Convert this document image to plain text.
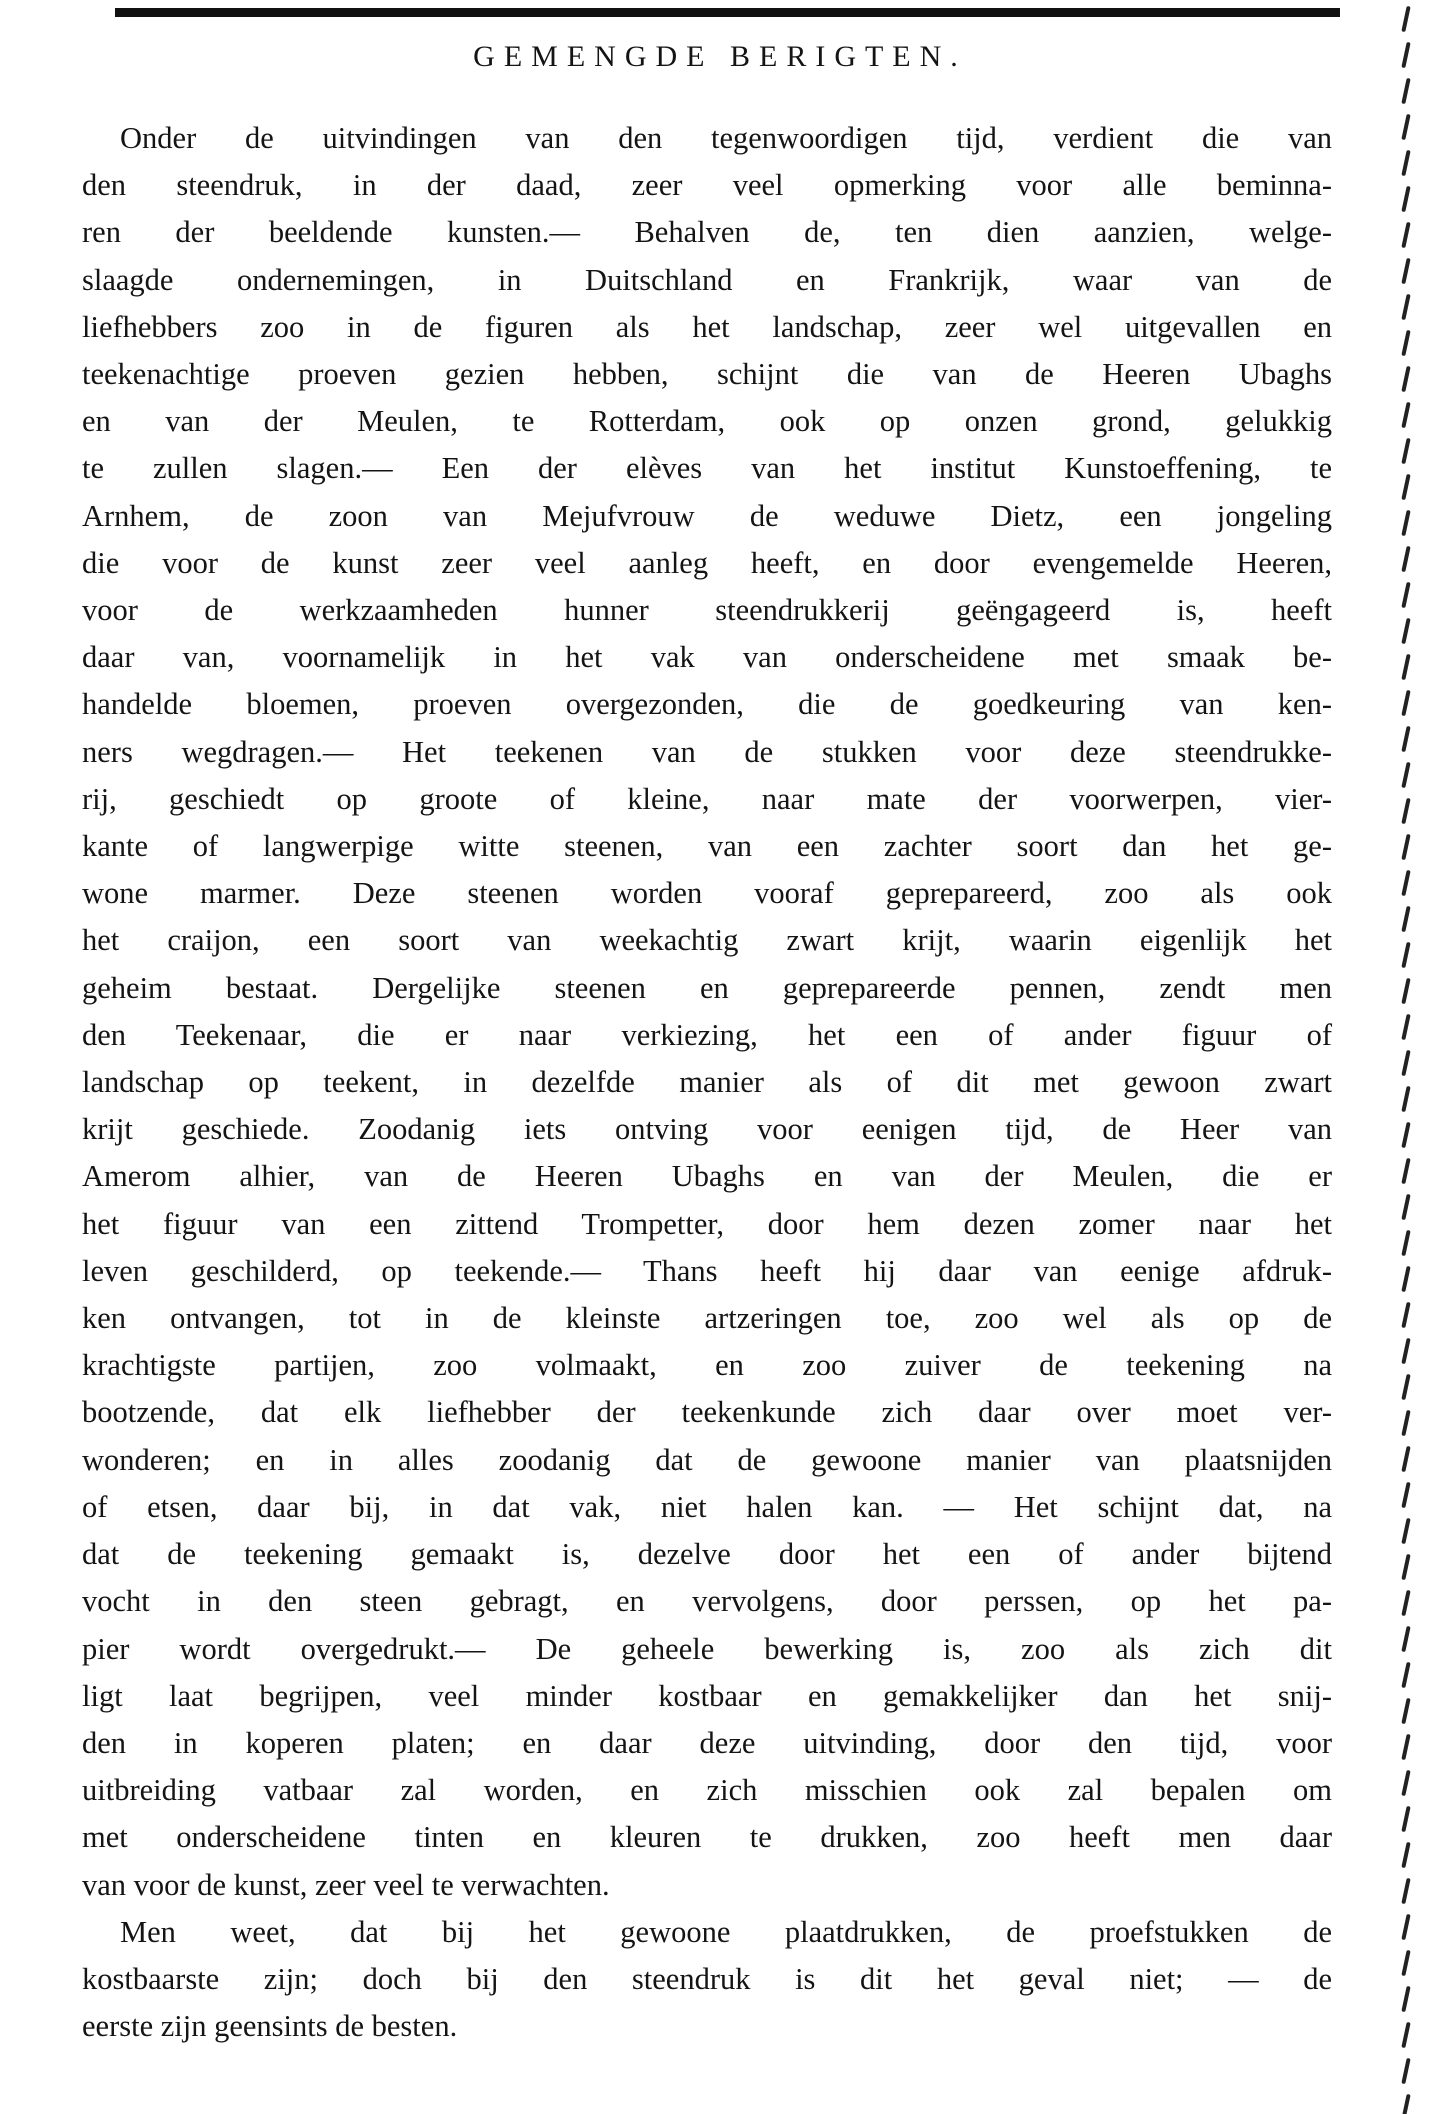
GEMENGDE BERIGTEN.
Onder de uitvindingen van den tegenwoordigen tijd, verdient die van
den steendruk, in der daad, zeer veel opmerking voor alle beminna-
ren der beeldende kunsten.— Behalven de, ten dien aanzien, welge-
slaagde ondernemingen, in Duitschland en Frankrijk, waar van de
liefhebbers zoo in de figuren als het landschap, zeer wel uitgevallen en
teekenachtige proeven gezien hebben, schijnt die van de Heeren Ubaghs
en van der Meulen, te Rotterdam, ook op onzen grond, gelukkig
te zullen slagen.— Een der elèves van het institut Kunstoeffening, te
Arnhem, de zoon van Mejufvrouw de weduwe Dietz, een jongeling
die voor de kunst zeer veel aanleg heeft, en door evengemelde Heeren,
voor de werkzaamheden hunner steendrukkerij geëngageerd is, heeft
daar van, voornamelijk in het vak van onderscheidene met smaak be-
handelde bloemen, proeven overgezonden, die de goedkeuring van ken-
ners wegdragen.— Het teekenen van de stukken voor deze steendrukke-
rij, geschiedt op groote of kleine, naar mate der voorwerpen, vier-
kante of langwerpige witte steenen, van een zachter soort dan het ge-
wone marmer. Deze steenen worden vooraf geprepareerd, zoo als ook
het craijon, een soort van weekachtig zwart krijt, waarin eigenlijk het
geheim bestaat. Dergelijke steenen en geprepareerde pennen, zendt men
den Teekenaar, die er naar verkiezing, het een of ander figuur of
landschap op teekent, in dezelfde manier als of dit met gewoon zwart
krijt geschiede. Zoodanig iets ontving voor eenigen tijd, de Heer van
Amerom alhier, van de Heeren Ubaghs en van der Meulen, die er
het figuur van een zittend Trompetter, door hem dezen zomer naar het
leven geschilderd, op teekende.— Thans heeft hij daar van eenige afdruk-
ken ontvangen, tot in de kleinste artzeringen toe, zoo wel als op de
krachtigste partijen, zoo volmaakt, en zoo zuiver de teekening na
bootzende, dat elk liefhebber der teekenkunde zich daar over moet ver-
wonderen; en in alles zoodanig dat de gewoone manier van plaatsnijden
of etsen, daar bij, in dat vak, niet halen kan. — Het schijnt dat, na
dat de teekening gemaakt is, dezelve door het een of ander bijtend
vocht in den steen gebragt, en vervolgens, door perssen, op het pa-
pier wordt overgedrukt.— De geheele bewerking is, zoo als zich dit
ligt laat begrijpen, veel minder kostbaar en gemakkelijker dan het snij-
den in koperen platen; en daar deze uitvinding, door den tijd, voor
uitbreiding vatbaar zal worden, en zich misschien ook zal bepalen om
met onderscheidene tinten en kleuren te drukken, zoo heeft men daar
van voor de kunst, zeer veel te verwachten.
Men weet, dat bij het gewoone plaatdrukken, de proefstukken de
kostbaarste zijn; doch bij den steendruk is dit het geval niet; — de
eerste zijn geensints de besten.
